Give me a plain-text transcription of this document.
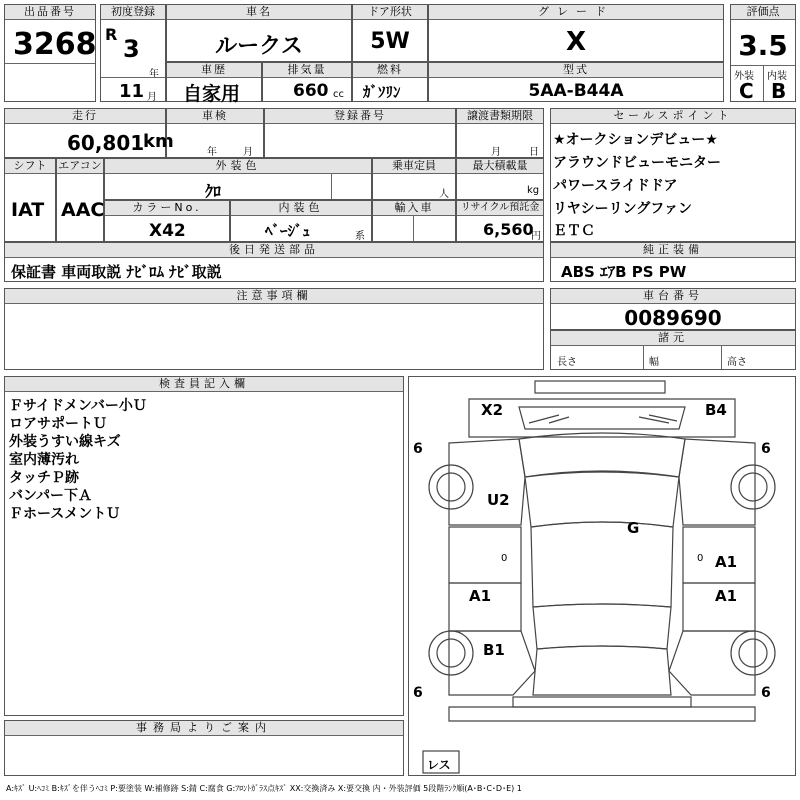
出品番号
3268
初度登録
R
3
年
11 月
車名
ルークス
ドア形状
5W
グレード
X
評価点
3.5
外装 内装
C B
車歴
自家用
排気量
660 cc
燃料
ｶﾞｿﾘﾝ
型式
5AA-B44A
走行
60,801
km
車検
年	月
登録番号	譲渡書類期限
月	日
シフト
IAT
エアコン
AAC
外装色
ｸﾛ
乗車定員
人
最大積載量
kg
カラーNo.
X42
内装色
ﾍﾞｰｼﾞｭ	系
輸入車	リサイクル預託金
6,560
円
後日発送部品
保証書 車両取説 ﾅﾋﾞﾛﾑ ﾅﾋﾞ取説
セールスポイント
★オークションデビュー★
アラウンドビューモニター
パワースライドドア
リヤシーリングファン
ＥＴＣ
純正装備
ABS ｴｱB PS PW
注意事項欄	車台番号
0089690
諸元
長さ	幅	高さ
検査員記入欄
Ｆサイドメンバー小Ｕ
ロアサポートＵ
外装うすい線キズ
室内薄汚れ
タッチＰ跡
バンパー下Ａ
ＦホースメントＵ
事務局よりご案内
X2	B4
U2
G
0	0 A1
A1	A1
B1
6	6
6	6
レス
A:ｷｽﾞ U:ﾍｺﾐ B:ｷｽﾞを伴うﾍｺﾐ P:要塗装 W:補修跡 S:錆 C:腐食 G:ﾌﾛﾝﾄｶﾞﾗｽ点ｷｽﾞ XX:交換済み X:要交換 内・外装評価 5段階ﾗﾝｸ順(A･B･C･D･E) 1
